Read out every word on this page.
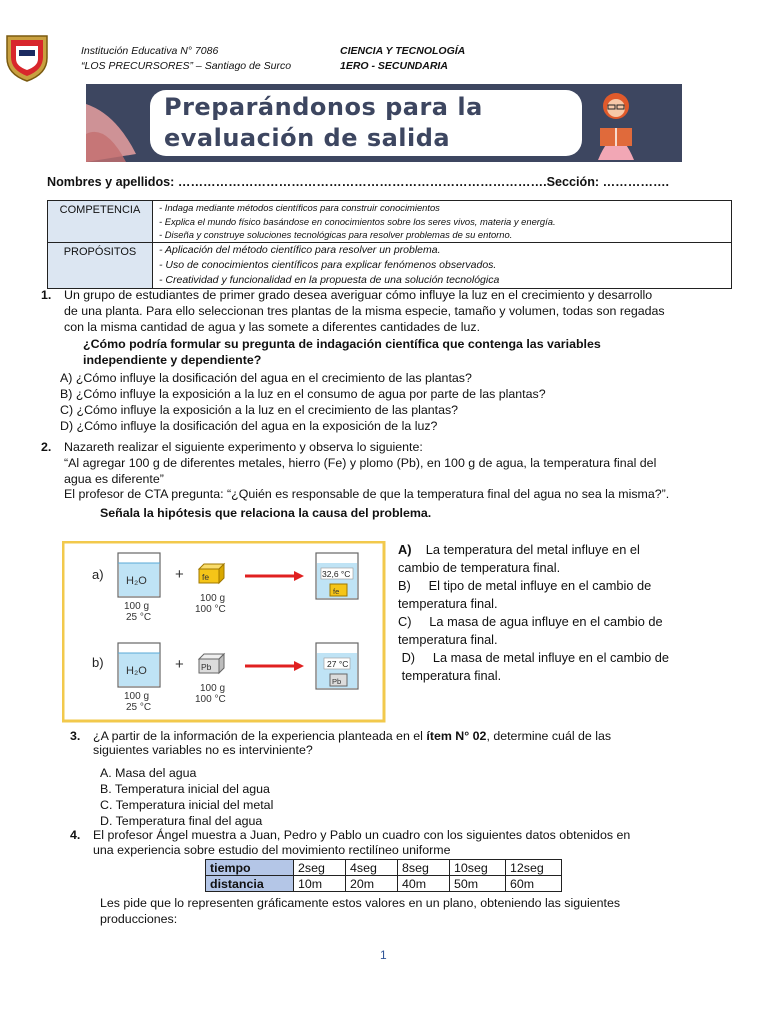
Institución Educativa N° 7086
“LOS PRECURSORES” – Santiago de Surco
CIENCIA Y TECNOLOGÍA
1ERO - SECUNDARIA
Preparándonos para la
evaluación de salida
Nombres y apellidos: …………………………………………………………………………….Sección: …………….
COMPETENCIA	- Indaga mediante métodos científicos para construir conocimientos
- Explica el mundo físico basándose en conocimientos sobre los seres vivos, materia y energía.
- Diseña y construye soluciones tecnológicas para resolver problemas de su entorno.

PROPÓSITOS	- Aplicación del método científico para resolver un problema.
- Uso de conocimientos científicos para explicar fenómenos observados.
- Creatividad y funcionalidad en la propuesta de una solución tecnológica
1. Un grupo de estudiantes de primer grado desea averiguar cómo influye la luz en el crecimiento y desarrollo
de una planta. Para ello seleccionan tres plantas de la misma especie, tamaño y volumen, todas son regadas
con la misma cantidad de agua y las somete a diferentes cantidades de luz.
¿Cómo podría formular su pregunta de indagación científica que contenga las variables
independiente y dependiente?
A) ¿Cómo influye la dosificación del agua en el crecimiento de las plantas?
B) ¿Cómo influye la exposición a la luz en el consumo de agua por parte de las plantas?
C) ¿Cómo influye la exposición a la luz en el crecimiento de las plantas?
D) ¿Cómo influye la dosificación del agua en la exposición de la luz?
2. Nazareth realizar el siguiente experimento y observa lo siguiente:
“Al agregar 100 g de diferentes metales, hierro (Fe) y plomo (Pb), en 100 g de agua, la temperatura final del
agua es diferente”
El profesor de CTA pregunta: “¿Quién es responsable de que la temperatura final del agua no sea la misma?”.
Señala la hipótesis que relaciona la causa del problema.
a) H₂O
100 g
25 °C
+ fe
100 g
100 °C
32,6 °C
fe
b)
H₂O
100 g
25 °C
+ Pb
100 g
100 °C
27 °C
Pb
A) La temperatura del metal influye en el
cambio de temperatura final.
B) El tipo de metal influye en el cambio de
temperatura final.
C) La masa de agua influye en el cambio de
temperatura final.
D) La masa de metal influye en el cambio de
temperatura final.
3. ¿A partir de la información de la experiencia planteada en el ítem N° 02, determine cuál de las
siguientes variables no es interviniente?
A. Masa del agua
B. Temperatura inicial del agua
C. Temperatura inicial del metal
D. Temperatura final del agua
4. El profesor Ángel muestra a Juan, Pedro y Pablo un cuadro con los siguientes datos obtenidos en
una experiencia sobre estudio del movimiento rectilíneo uniforme
tiempo	2seg	4seg	8seg	10seg	12seg
distancia	10m	20m	40m	50m	60m
Les pide que lo representen gráficamente estos valores en un plano, obteniendo las siguientes
producciones:
1
